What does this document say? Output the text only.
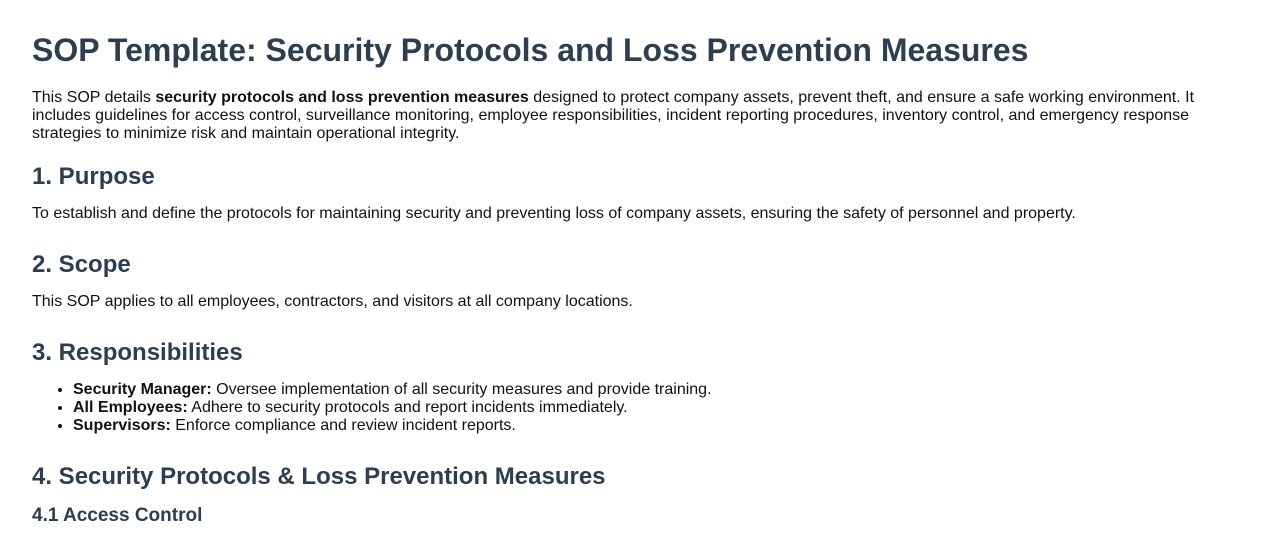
SOP Template: Security Protocols and Loss Prevention Measures

This SOP details security protocols and loss prevention measures designed to protect company assets, prevent theft, and ensure a safe working environment. It includes guidelines for access control, surveillance monitoring, employee responsibilities, incident reporting procedures, inventory control, and emergency response strategies to minimize risk and maintain operational integrity.

1. Purpose

To establish and define the protocols for maintaining security and preventing loss of company assets, ensuring the safety of personnel and property.

2. Scope

This SOP applies to all employees, contractors, and visitors at all company locations.

3. Responsibilities
• Security Manager: Oversee implementation of all security measures and provide training.
• All Employees: Adhere to security protocols and report incidents immediately.
• Supervisors: Enforce compliance and review incident reports.
4. Security Protocols & Loss Prevention Measures
4.1 Access Control
